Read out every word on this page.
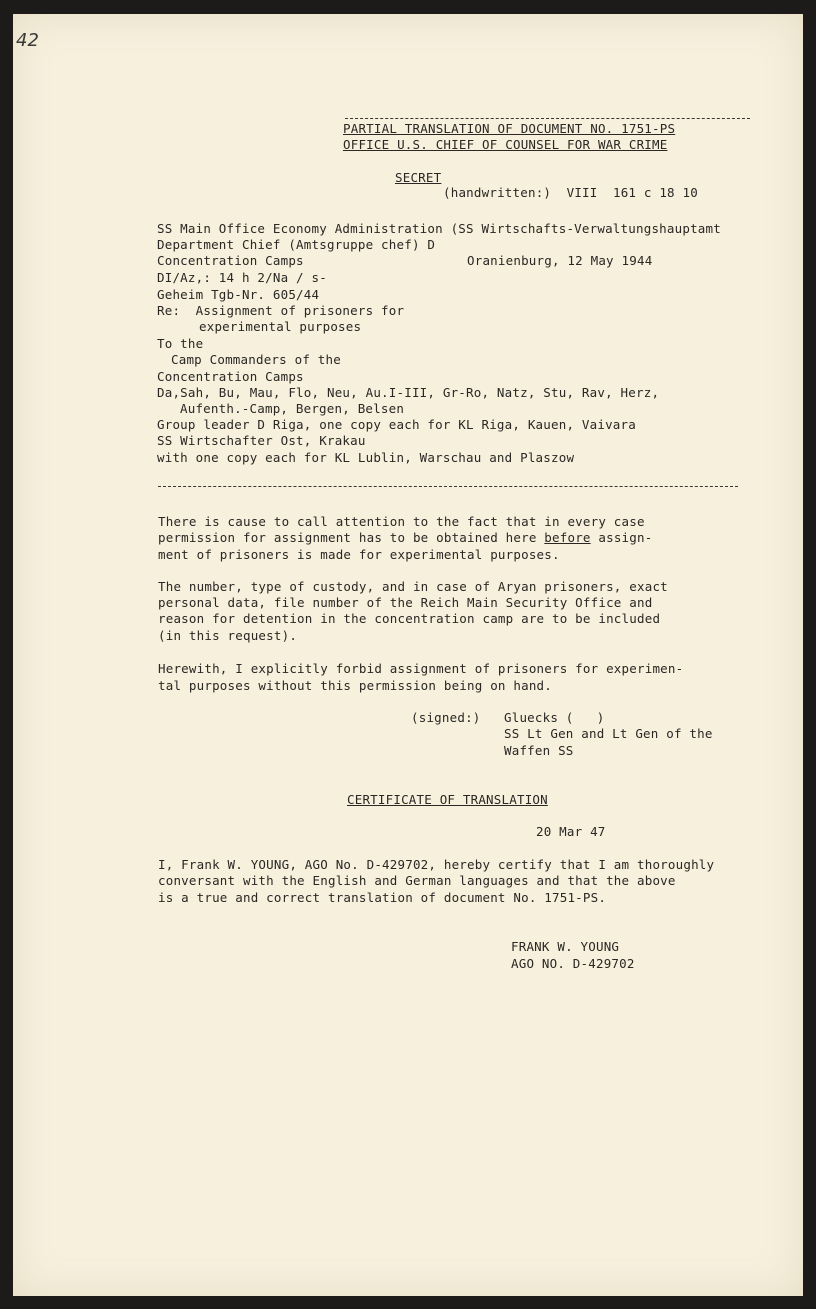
42
PARTIAL TRANSLATION OF DOCUMENT NO. 1751-PS
OFFICE U.S. CHIEF OF COUNSEL FOR WAR CRIME
SECRET
(handwritten:)  VIII  161 c 18 10
SS Main Office Economy Administration (SS Wirtschafts-Verwaltungshauptamt
Department Chief (Amtsgruppe chef) D
Concentration Camps	Oranienburg, 12 May 1944
DI/Az,: 14 h 2/Na / s-
Geheim Tgb-Nr. 605/44
Re:  Assignment of prisoners for
experimental purposes
To the
Camp Commanders of the
Concentration Camps
Da,Sah, Bu, Mau, Flo, Neu, Au.I-III, Gr-Ro, Natz, Stu, Rav, Herz,
Aufenth.-Camp, Bergen, Belsen
Group leader D Riga, one copy each for KL Riga, Kauen, Vaivara
SS Wirtschafter Ost, Krakau
with one copy each for KL Lublin, Warschau and Plaszow
There is cause to call attention to the fact that in every case
permission for assignment has to be obtained here before assign-
ment of prisoners is made for experimental purposes.
The number, type of custody, and in case of Aryan prisoners, exact
personal data, file number of the Reich Main Security Office and
reason for detention in the concentration camp are to be included
(in this request).
Herewith, I explicitly forbid assignment of prisoners for experimen-
tal purposes without this permission being on hand.
(signed:) Gluecks (   )
SS Lt Gen and Lt Gen of the
Waffen SS
CERTIFICATE OF TRANSLATION
20 Mar 47
I, Frank W. YOUNG, AGO No. D-429702, hereby certify that I am thoroughly
conversant with the English and German languages and that the above
is a true and correct translation of document No. 1751-PS.
FRANK W. YOUNG
AGO NO. D-429702
